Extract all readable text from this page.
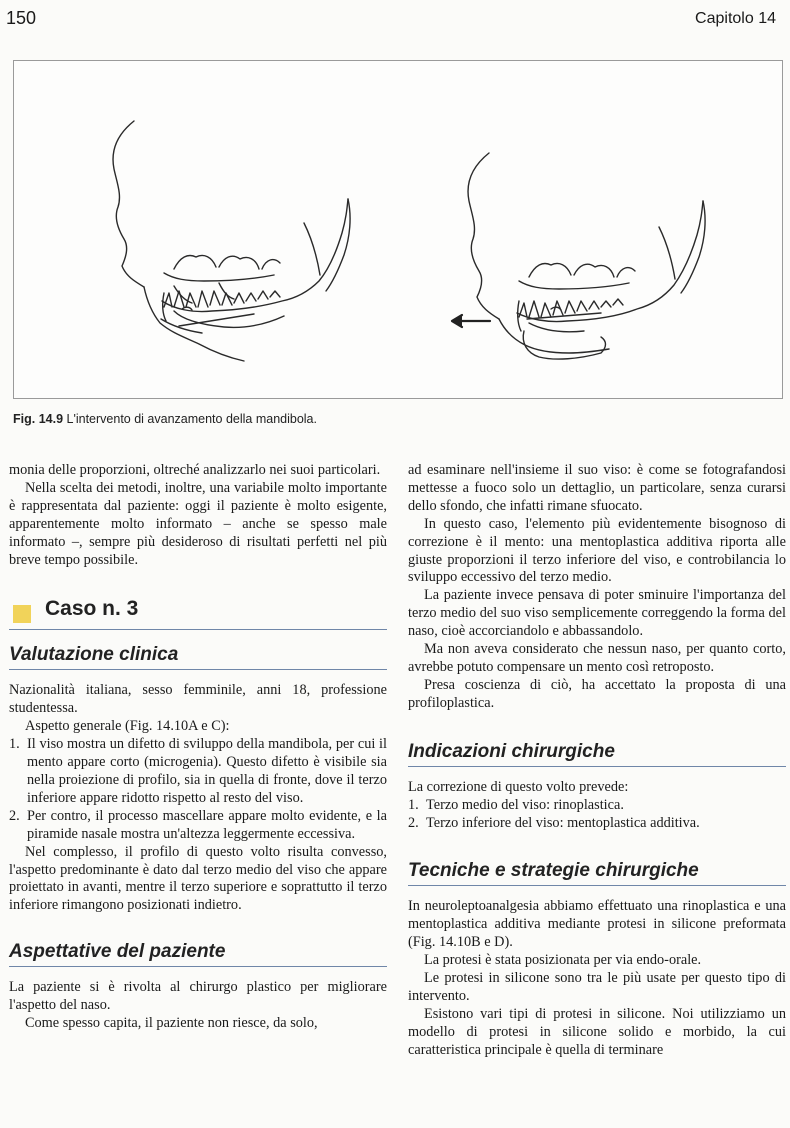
150	Capitolo 14
Fig. 14.9 L'intervento di avanzamento della mandibola.

monia delle proporzioni, oltreché analizzarlo nei suoi particolari.

Nella scelta dei metodi, inoltre, una variabile molto importante è rappresentata dal paziente: oggi il paziente è molto esigente, apparentemente molto informato – anche se spesso male informato –, sempre più desideroso di risultati perfetti nel più breve tempo possibile.

Caso n. 3
Valutazione clinica

Nazionalità italiana, sesso femminile, anni 18, professione studentessa.

Aspetto generale (Fig. 14.10A e C):

1. Il viso mostra un difetto di sviluppo della mandibola, per cui il mento appare corto (microgenia). Questo difetto è visibile sia nella proiezione di profilo, sia in quella di fronte, dove il terzo inferiore appare ridotto rispetto al resto del viso.
2. Per contro, il processo mascellare appare molto evidente, e la piramide nasale mostra un'altezza leggermente eccessiva.

Nel complesso, il profilo di questo volto risulta convesso, l'aspetto predominante è dato dal terzo medio del viso che appare proiettato in avanti, mentre il terzo superiore e soprattutto il terzo inferiore rimangono posizionati indietro.

Aspettative del paziente

La paziente si è rivolta al chirurgo plastico per migliorare l'aspetto del naso.

Come spesso capita, il paziente non riesce, da solo,

ad esaminare nell'insieme il suo viso: è come se fotografandosi mettesse a fuoco solo un dettaglio, un particolare, senza curarsi dello sfondo, che infatti rimane sfuocato.

In questo caso, l'elemento più evidentemente bisognoso di correzione è il mento: una mentoplastica additiva riporta alle giuste proporzioni il terzo inferiore del viso, e controbilancia lo sviluppo eccessivo del terzo medio.

La paziente invece pensava di poter sminuire l'importanza del terzo medio del suo viso semplicemente correggendo la forma del naso, cioè accorciandolo e abbassandolo.

Ma non aveva considerato che nessun naso, per quanto corto, avrebbe potuto compensare un mento così retroposto.

Presa coscienza di ciò, ha accettato la proposta di una profiloplastica.

Indicazioni chirurgiche

La correzione di questo volto prevede:

1. Terzo medio del viso: rinoplastica.
2. Terzo inferiore del viso: mentoplastica additiva.
Tecniche e strategie chirurgiche

In neuroleptoanalgesia abbiamo effettuato una rinoplastica e una mentoplastica additiva mediante protesi in silicone preformata (Fig. 14.10B e D).

La protesi è stata posizionata per via endo-orale.

Le protesi in silicone sono tra le più usate per questo tipo di intervento.

Esistono vari tipi di protesi in silicone. Noi utilizziamo un modello di protesi in silicone solido e morbido, la cui caratteristica principale è quella di terminare
